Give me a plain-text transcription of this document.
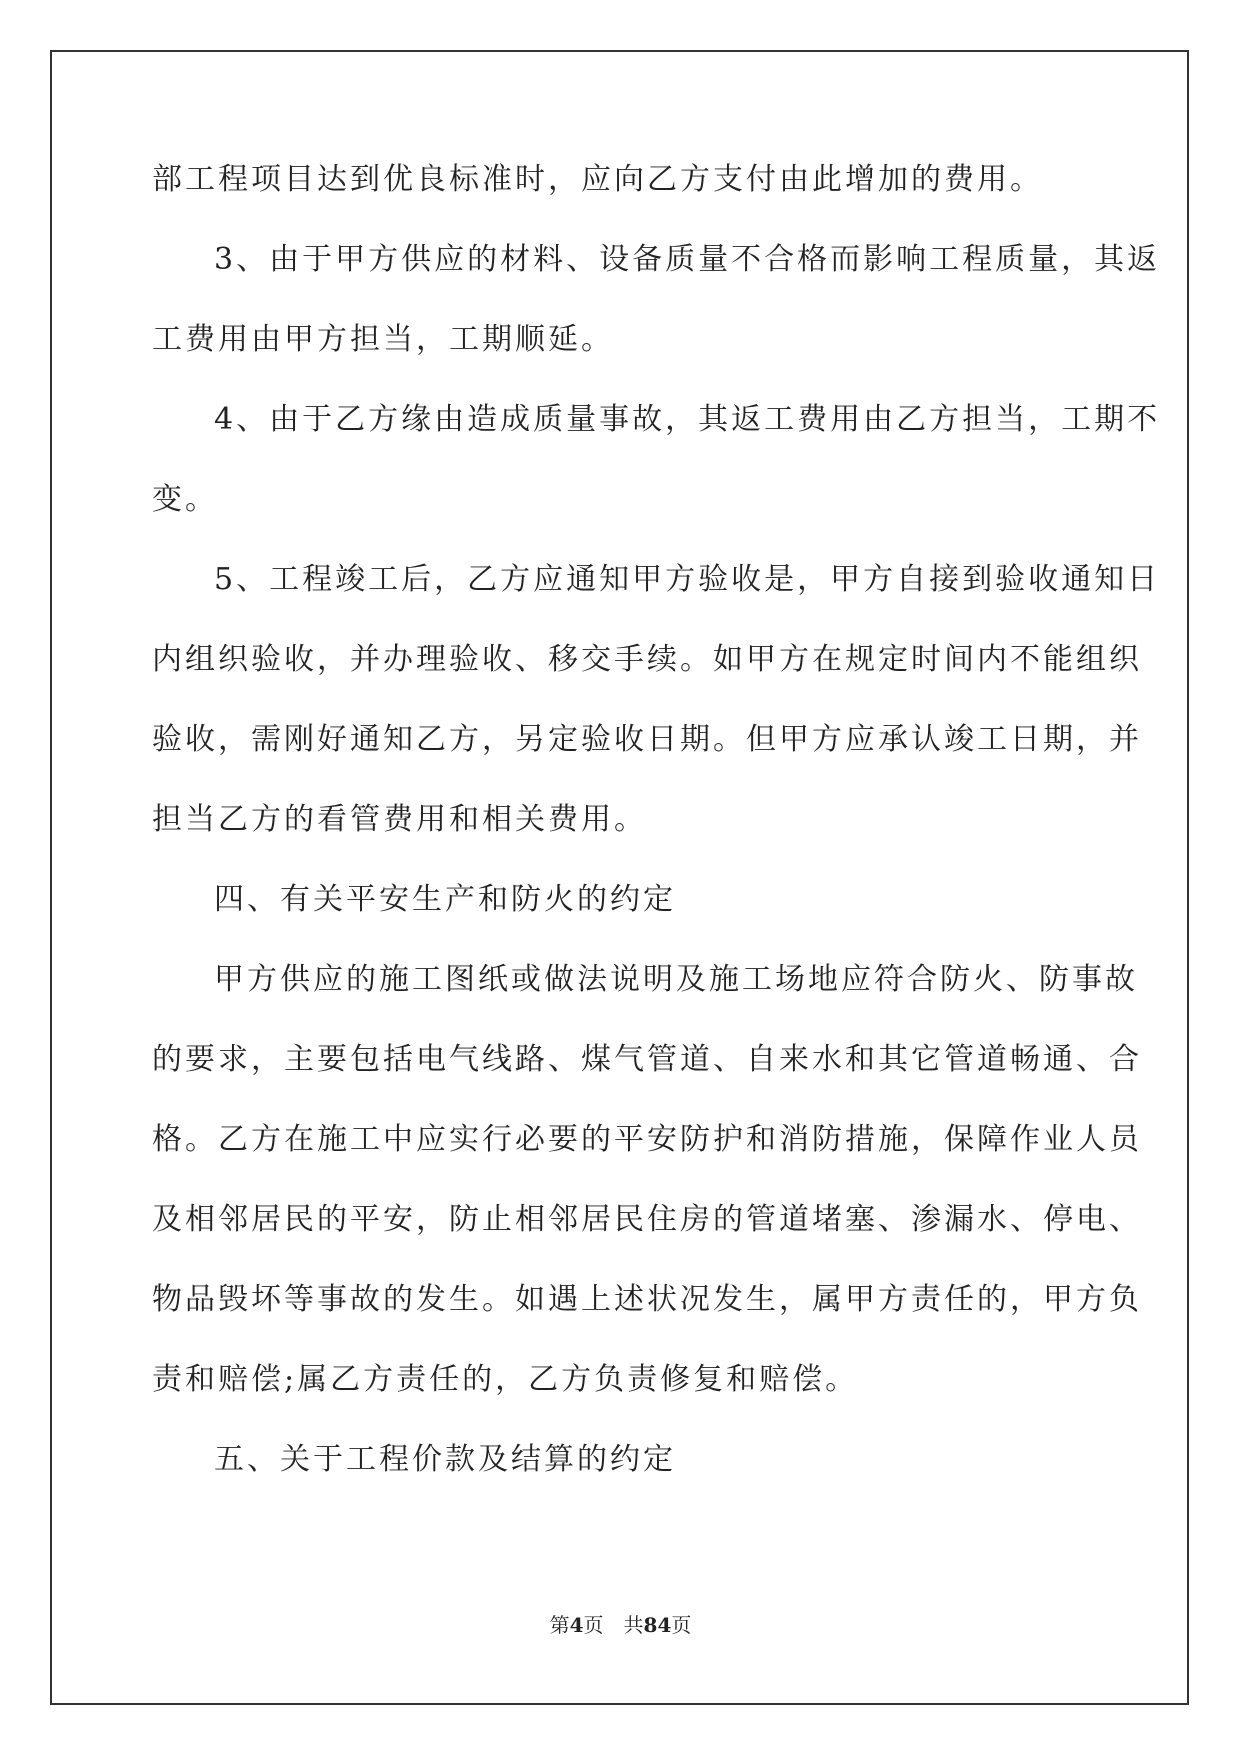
部工程项目达到优良标准时，应向乙方支付由此增加的费用。
3、由于甲方供应的材料、设备质量不合格而影响工程质量，其返
工费用由甲方担当，工期顺延。
4、由于乙方缘由造成质量事故，其返工费用由乙方担当，工期不
变。
5、工程竣工后，乙方应通知甲方验收是，甲方自接到验收通知日
内组织验收，并办理验收、移交手续。如甲方在规定时间内不能组织
验收，需刚好通知乙方，另定验收日期。但甲方应承认竣工日期，并
担当乙方的看管费用和相关费用。
四、有关平安生产和防火的约定
甲方供应的施工图纸或做法说明及施工场地应符合防火、防事故
的要求，主要包括电气线路、煤气管道、自来水和其它管道畅通、合
格。乙方在施工中应实行必要的平安防护和消防措施，保障作业人员
及相邻居民的平安，防止相邻居民住房的管道堵塞、渗漏水、停电、
物品毁坏等事故的发生。如遇上述状况发生，属甲方责任的，甲方负
责和赔偿;属乙方责任的，乙方负责修复和赔偿。
五、关于工程价款及结算的约定
第4页 共84页
